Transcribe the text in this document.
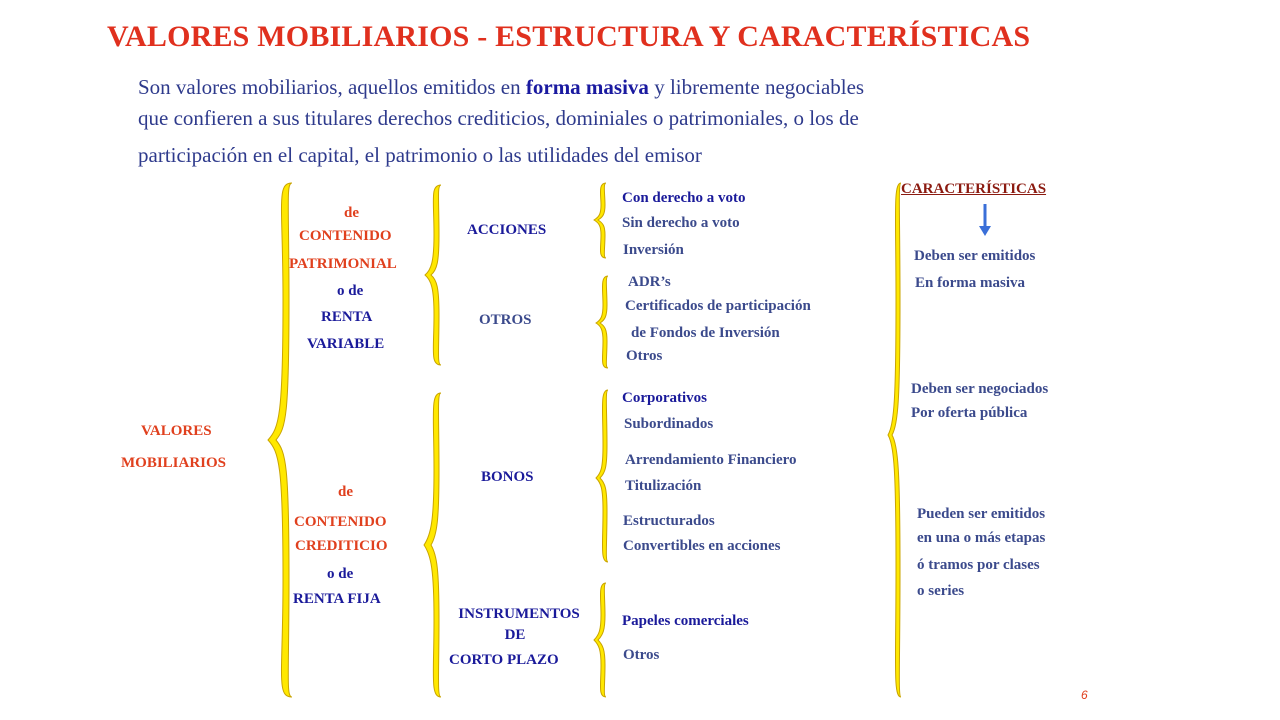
VALORES MOBILIARIOS - ESTRUCTURA Y CARACTERÍSTICAS
Son valores mobiliarios, aquellos emitidos en forma masiva y libremente negociables
que confieren a sus titulares derechos crediticios, dominiales o patrimoniales, o los de
participación en el capital, el patrimonio o las utilidades del emisor
VALORES
MOBILIARIOS
de
CONTENIDO
PATRIMONIAL
o de
RENTA
VARIABLE
de
CONTENIDO
CREDITICIO
o de
RENTA FIJA
ACCIONES
OTROS
BONOS
INSTRUMENTOS
DE
CORTO PLAZO
Con derecho a voto
Sin derecho a voto
Inversión
ADR’s
Certificados de participación
de Fondos de Inversión
Otros
Corporativos
Subordinados
Arrendamiento Financiero
Titulización
Estructurados
Convertibles en acciones
Papeles comerciales
Otros
CARACTERÍSTICAS
Deben ser emitidos
En forma masiva
Deben ser negociados
Por oferta pública
Pueden ser emitidos
en una o más etapas
ó tramos por clases
o series
6
